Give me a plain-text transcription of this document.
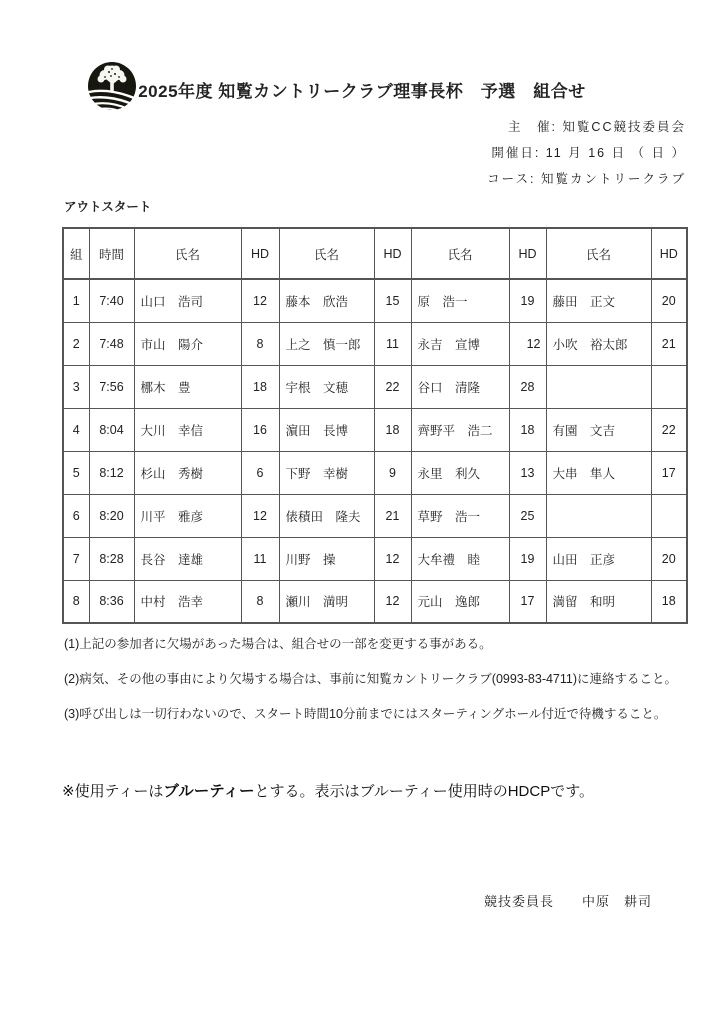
2025年度 知覧カントリークラブ理事長杯　予選　組合せ

主　催: 知覧CC競技委員会

開催日: 11 月 16 日 （ 日 ）

コース: 知覧カントリークラブ

アウトスタート

組	時間	氏名	HD	氏名	HD	氏名	HD	氏名	HD
1	7:40	山口　浩司	12	藤本　欣浩	15	原　浩一	19	藤田　正文	20
2	7:48	市山　陽介	8	上之　慎一郎	11	永吉　宣博	12	小吹　裕太郎	21
3	7:56	梛木　豊	18	宇根　文穂	22	谷口　清隆	28		
4	8:04	大川　幸信	16	濵田　長博	18	齊野平　浩二	18	有園　文吉	22
5	8:12	杉山　秀樹	6	下野　幸樹	9	永里　利久	13	大串　隼人	17
6	8:20	川平　雅彦	12	俵積田　隆夫	21	草野　浩一	25		
7	8:28	長谷　達雄	11	川野　操	12	大牟禮　睦	19	山田　正彦	20
8	8:36	中村　浩幸	8	瀬川　満明	12	元山　逸郎	17	満留　和明	18

(1)上記の参加者に欠場があった場合は、組合せの一部を変更する事がある。

(2)病気、その他の事由により欠場する場合は、事前に知覧カントリークラブ(0993-83-4711)に連絡すること。

(3)呼び出しは一切行わないので、スタート時間10分前までにはスターティングホール付近で待機すること。

※使用ティーはブルーティーとする。表示はブルーティー使用時のHDCPです。

競技委員長　　中原　耕司
